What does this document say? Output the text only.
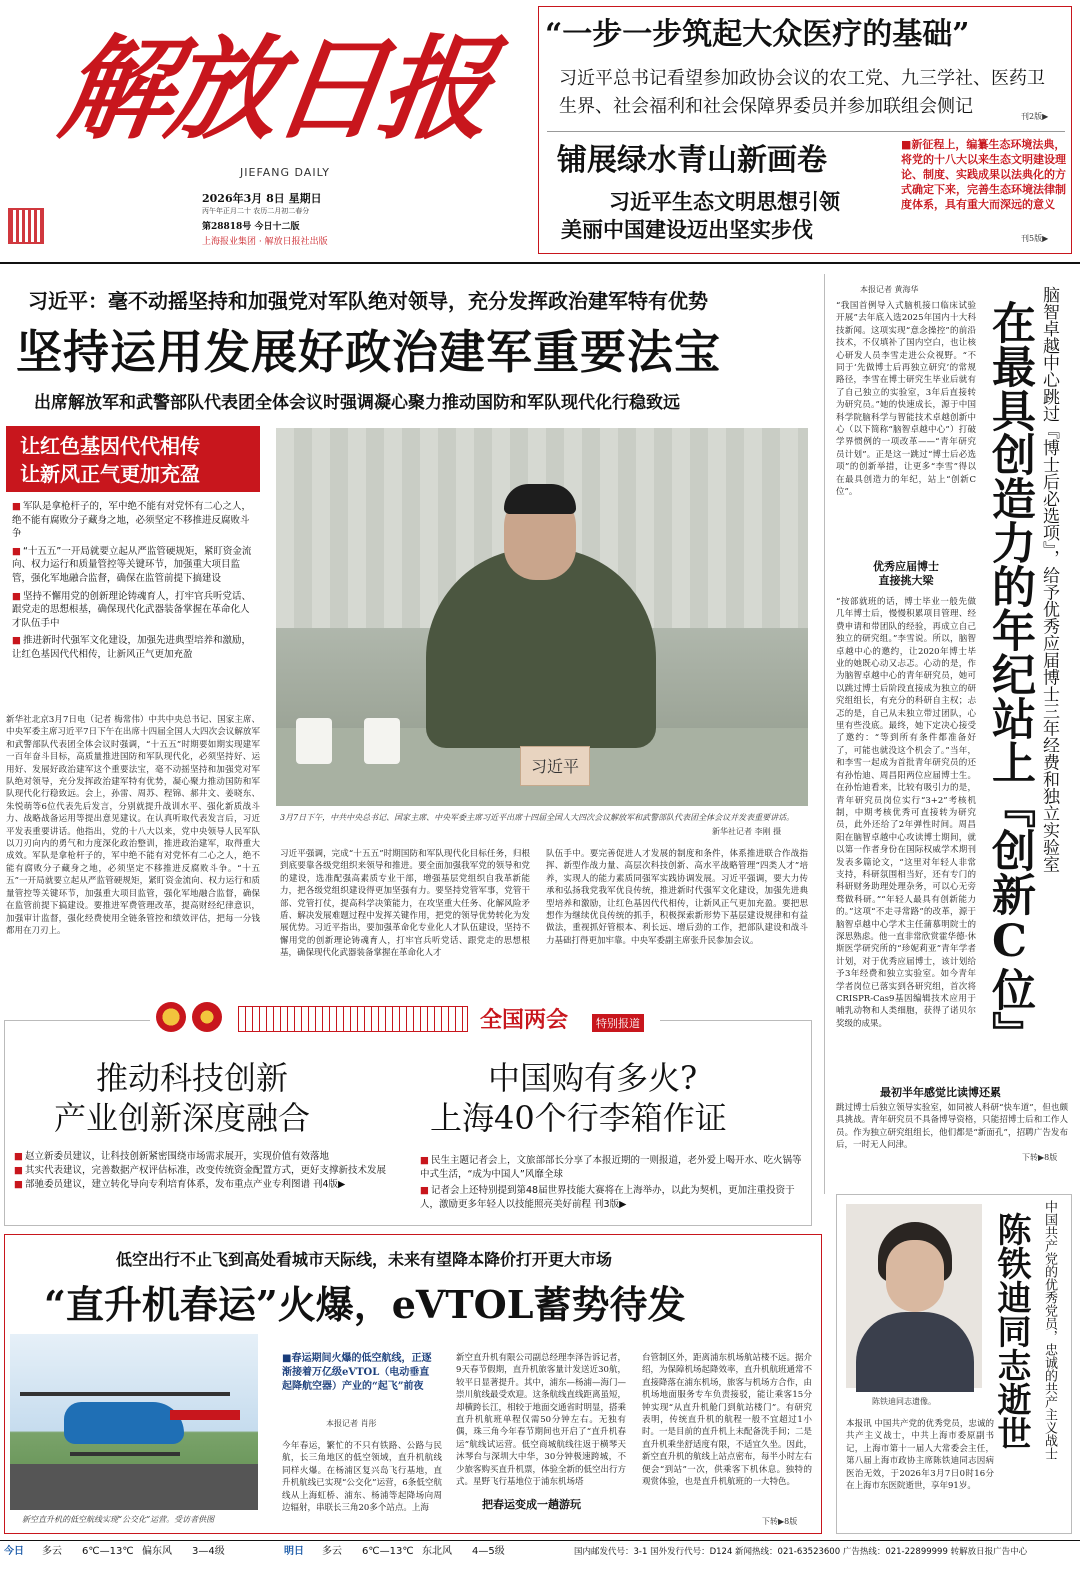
解放日报
JIEFANG DAILY
2026年3月 8日 星期日
丙午年正月二十 农历二月初二春分
第28818号 今日十二版
上海报业集团 · 解放日报社出版
“一步一步筑起大众医疗的基础”
习近平总书记看望参加政协会议的农工党、九三学社、医药卫生界、社会福利和社会保障界委员并参加联组会侧记	刊2版▶
铺展绿水青山新画卷
习近平生态文明思想引领
美丽中国建设迈出坚实步伐
■新征程上，编纂生态环境法典，将党的十八大以来生态文明建设理论、制度、实践成果以法典化的方式确定下来，完善生态环境法律制度体系，具有重大而深远的意义
刊5版▶
习近平：毫不动摇坚持和加强党对军队绝对领导，充分发挥政治建军特有优势
坚持运用发展好政治建军重要法宝
出席解放军和武警部队代表团全体会议时强调凝心聚力推动国防和军队现代化行稳致远
让红色基因代代相传
让新风正气更加充盈
■ 军队是拿枪杆子的，军中绝不能有对党怀有二心之人，绝不能有腐败分子藏身之地，必须坚定不移推进反腐败斗争
■ “十五五”一开局就要立起从严监管硬规矩，紧盯资金流向、权力运行和质量管控等关键环节，加强重大项目监管，强化军地融合监督，确保在监管前提下搞建设
■ 坚持不懈用党的创新理论铸魂育人，打牢官兵听党话、跟党走的思想根基，确保现代化武器装备掌握在革命化人才队伍手中
■ 推进新时代强军文化建设，加强先进典型培养和激励，让红色基因代代相传，让新风正气更加充盈
习近平
3月7日下午，中共中央总书记、国家主席、中央军委主席习近平出席十四届全国人大四次会议解放军和武警部队代表团全体会议并发表重要讲话。
新华社记者 李刚 摄
新华社北京3月7日电（记者 梅常伟）中共中央总书记、国家主席、中央军委主席习近平7日下午在出席十四届全国人大四次会议解放军和武警部队代表团全体会议时强调，“十五五”时期要如期实现建军一百年奋斗目标，高质量推进国防和军队现代化，必须坚持好、运用好、发展好政治建军这个重要法宝，毫不动摇坚持和加强党对军队绝对领导，充分发挥政治建军特有优势，凝心聚力推动国防和军队现代化行稳致远。会上，孙雷、周苏、程锦、郝井文、姜晓东、朱悦萌等6位代表先后发言，分别就提升战训水平、强化新质战斗力、战略战备运用等提出意见建议。在认真听取代表发言后，习近平发表重要讲话。他指出，党的十八大以来，党中央领导人民军队以刀刃向内的勇气和力度深化政治整训，推进政治建军，取得重大成效。军队是拿枪杆子的，军中绝不能有对党怀有二心之人，绝不能有腐败分子藏身之地，必须坚定不移推进反腐败斗争。“十五五”一开局就要立起从严监管硬规矩，紧盯资金流向、权力运行和质量管控等关键环节，加强重大项目监管，强化军地融合监督，确保在监管前提下搞建设。要推进军费管理改革，提高财经纪律意识，加强审计监督，强化经费使用全链条管控和绩效评估，把每一分钱都用在刀刃上。
习近平强调，完成“十五五”时期国防和军队现代化目标任务，归根到底要靠各级党组织来领导和推进。要全面加强我军党的领导和党的建设，选准配强高素质专业干部，增强基层党组织自我革新能力，把各级党组织建设得更加坚强有力。要坚持党管军事，党管干部、党管打仗，提高科学决策能力，在攻坚重大任务、化解风险矛盾、解决发展难题过程中发挥关键作用，把党的领导优势转化为发展优势。习近平指出，要加强革命化专业化人才队伍建设，坚持不懈用党的创新理论铸魂育人，打牢官兵听党话、跟党走的思想根基，确保现代化武器装备掌握在革命化人才
队伍手中。要完善促进人才发展的制度和条件，体系推进联合作战指挥、新型作战力量、高层次科技创新、高水平战略管理“四类人才”培养，实现人的能力素质同强军实践协调发展。习近平强调，要大力传承和弘扬我党我军优良传统，推进新时代强军文化建设，加强先进典型培养和激励，让红色基因代代相传，让新风正气更加充盈。要把思想作为继续优良传统的抓手，积极探索新形势下基层建设规律和有益做法，重视抓好管根本、利长远、增后劲的工作，把部队建设和战斗力基础打得更加牢靠。中央军委副主席张升民参加会议。
本报记者 黄海华	脑智卓越中心跳过『博士后必选项』，给予优秀应届博士三年经费和独立实验室
在最具创造力的年纪站上『创新C位』
“我国首例导入式脑机接口临床试验开展”去年底入选2025年国内十大科技新闻。这项实现“意念操控”的前沿技术，不仅填补了国内空白，也让核心研发人员李雪走进公众视野。“不同于‘先做博士后再独立研究’的常规路径，李雪在博士研究生毕业后就有了自己独立的实验室，3年后直接转为研究员。”她的快速成长，源于中国科学院脑科学与智能技术卓越创新中心（以下简称“脑智卓越中心”）打破学界惯例的一项改革——“青年研究员计划”。正是这一跳过“博士后必选项”的创新举措，让更多“李雪”得以在最具创造力的年纪，站上“创新C位”。
优秀应届博士
直接挑大梁
“按部就班的话，博士毕业一般先做几年博士后，慢慢积累项目管理、经费申请和带团队的经验，再成立自己独立的研究组。”李雪说。所以，脑智卓越中心的邀约，让2020年博士毕业的她既心动又忐忑。心动的是，作为脑智卓越中心的青年研究员，她可以跳过博士后阶段直接成为独立的研究组组长，有充分的科研自主权；忐忑的是，自己从未独立带过团队，心里有些没底。最终，她下定决心接受了邀约：“等到所有条件都准备好了，可能也就没这个机会了。”当年，和李雪一起成为首批青年研究员的还有孙怡迪、周昌阳两位应届博士生。在孙怡迪看来，比较有吸引力的是，青年研究员岗位实行“3+2”考核机制，中期考核优秀可直接转为研究员，此外还给了2年弹性时间。周昌阳在脑智卓越中心攻读博士期间，就以第一作者身份在国际权威学术期刊发表多篇论文，“这里对年轻人非常支持，科研氛围相当好，还有专门的科研财务助理处理杂务，可以心无旁骛做科研。”“年轻人最具有创新能力的。”这项“不走寻常路”的改革，源于脑智卓越中心学术主任蒲慕明院士的深思熟虑。他一直非常欣赏霍华德·休斯医学研究所的“珍妮莉亚”青年学者计划，对于优秀应届博士，该计划给予3年经费和独立实验室。如今青年学者岗位已落实到各研究组，首次将CRISPR-Cas9基因编辑技术应用于哺乳动物和人类细胞，获得了诺贝尔奖级的成果。
最初半年感觉比读博还累
跳过博士后独立领导实验室，如同被人科研“快车道”，但也颇具挑战。青年研究员不具备博导资格，只能招博士后和工作人员。作为独立研究组组长，他们都是“新面孔”，招聘广告发布后，一时无人问津。
下转▶8版
全国两会	特别报道
推动科技创新
产业创新深度融合
■ 赵立新委员建议，让科技创新紧密围绕市场需求展开，实现价值有效落地
■ 其实代表建议，完善数据产权评估标准，改变传统资金配置方式，更好支撑新技术发展
■ 部驰委员建议，建立转化导向专利培育体系，发布重点产业专利图谱 刊4版▶
中国购有多火?
上海40个行李箱作证
■ 民生主题记者会上，文旅部部长分享了本报近期的一则报道，老外爱上喝开水、吃火锅等中式生活，“成为中国人”风靡全球
■ 记者会上还特别提到第48届世界技能大赛将在上海举办，以此为契机，更加注重投资于人，激励更多年轻人以技能照亮美好前程 刊3版▶
低空出行不止飞到高处看城市天际线，未来有望降本降价打开更大市场
“直升机春运”火爆，eVTOL蓄势待发
新空直升机的低空航线实现“公交化”运营。受访者供图
■春运期间火爆的低空航线，正逐渐接着万亿级eVTOL（电动垂直起降航空器）产业的“起飞”前夜
本报记者 肖彤
今年春运，繁忙的不只有铁路、公路与民航，长三角地区的低空领域，直升机航线同样火爆。在杨浦区复兴岛飞行基地，直升机航线已实现“公交化”运营，6条低空航线从上海虹桥、浦东、杨浦等起降场向周边辐射，串联长三角20多个站点。上海
新空直升机有限公司副总经理李泽告诉记者，9天春节假期，直升机旅客量计发送近30航，较平日显著提升。其中，浦东—杨浦—海门—崇川航线最受欢迎。这条航线直线距离虽短，却横跨长江，相较于地面交通省时明显，搭乘直升机航班单程仅需50分钟左右。无独有偶，珠三角今年春节期间也开启了“直升机春运”航线试运营。低空商城航线往返于横琴天沐琴台与深圳大中华，30分钟极速跨城，不少旅客购买直升机票，体验全新的低空出行方式。星野飞行基地位于浦东机场塔
把春运变成一趟游玩
台管制区外，距离浦东机场航站楼不远。据介绍，为保障机场起降效率，直升机航班通常不直接降落在浦东机场，旅客与机场方合作，由机场地面服务专车负责接驳，能让乘客15分钟实现“从直升机舱门到航站楼门”。有研究表明，传统直升机的航程一般不宜超过1小时。一是目前的直升机上未配备洗手间；二是直升机乘坐舒适度有限，不适宜久坐。因此，新空直升机的航线上站点密布，每半小时左右便会“到站”一次，供乘客下机休息。独特的观赏体验，也是直升机航班的一大特色。
下转▶8版
陈铁迪同志遗像。 陈铁迪同志逝世 中国共产党的优秀党员，忠诚的共产主义战士
本报讯 中国共产党的优秀党员，忠诚的共产主义战士，中共上海市委原副书记，上海市第十一届人大常委会主任，第八届上海市政协主席陈铁迪同志因病医治无效，于2026年3月7日0时16分在上海市东医院逝世，享年91岁。
今日 多云 6℃—13℃ 偏东风 3—4级	明日 多云 6℃—13℃ 东北风 4—5级	国内邮发代号：3-1 国外发行代号：D124 新闻热线：021-63523600 广告热线：021-22899999 转解放日报广告中心
